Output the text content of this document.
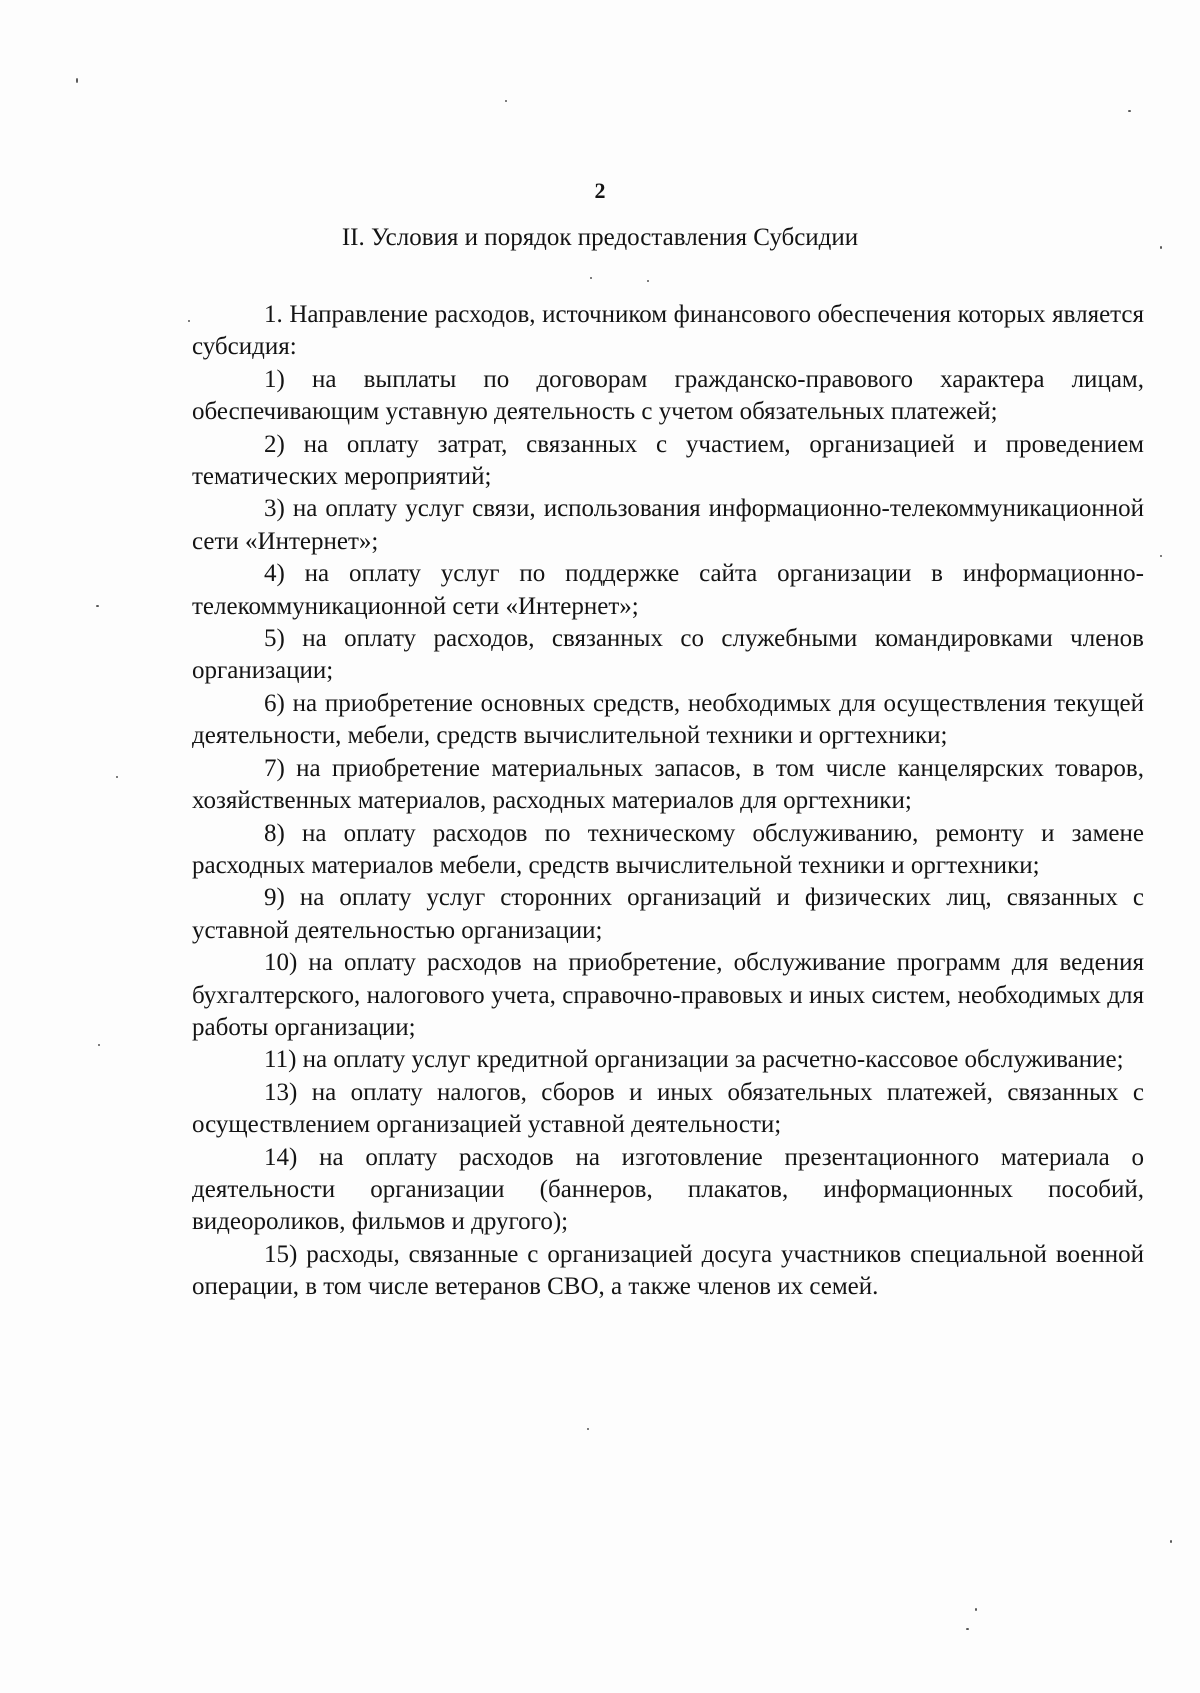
2
II. Условия и порядок предоставления Субсидии

1. Направление расходов, источником финансового обеспечения которых является субсидия:

1) на выплаты по договорам гражданско-правового характера лицам, обеспечивающим уставную деятельность с учетом обязательных платежей;

2) на оплату затрат, связанных с участием, организацией и проведением тематических мероприятий;

3) на оплату услуг связи, использования информационно-телекоммуникационной сети «Интернет»;

4) на оплату услуг по поддержке сайта организации в информационно-телекоммуникационной сети «Интернет»;

5) на оплату расходов, связанных со служебными командировками членов организации;

6) на приобретение основных средств, необходимых для осуществления текущей деятельности, мебели, средств вычислительной техники и оргтехники;

7) на приобретение материальных запасов, в том числе канцелярских товаров, хозяйственных материалов, расходных материалов для оргтехники;

8) на оплату расходов по техническому обслуживанию, ремонту и замене расходных материалов мебели, средств вычислительной техники и оргтехники;

9) на оплату услуг сторонних организаций и физических лиц, связанных с уставной деятельностью организации;

10) на оплату расходов на приобретение, обслуживание программ для ведения бухгалтерского, налогового учета, справочно-правовых и иных систем, необходимых для работы организации;

11) на оплату услуг кредитной организации за расчетно-кассовое обслуживание;

13) на оплату налогов, сборов и иных обязательных платежей, связанных с осуществлением организацией уставной деятельности;

14) на оплату расходов на изготовление презентационного материала о деятельности организации (баннеров, плакатов, информационных пособий, видеороликов, фильмов и другого);

15) расходы, связанные с организацией досуга участников специальной военной операции, в том числе ветеранов СВО, а также членов их семей.
